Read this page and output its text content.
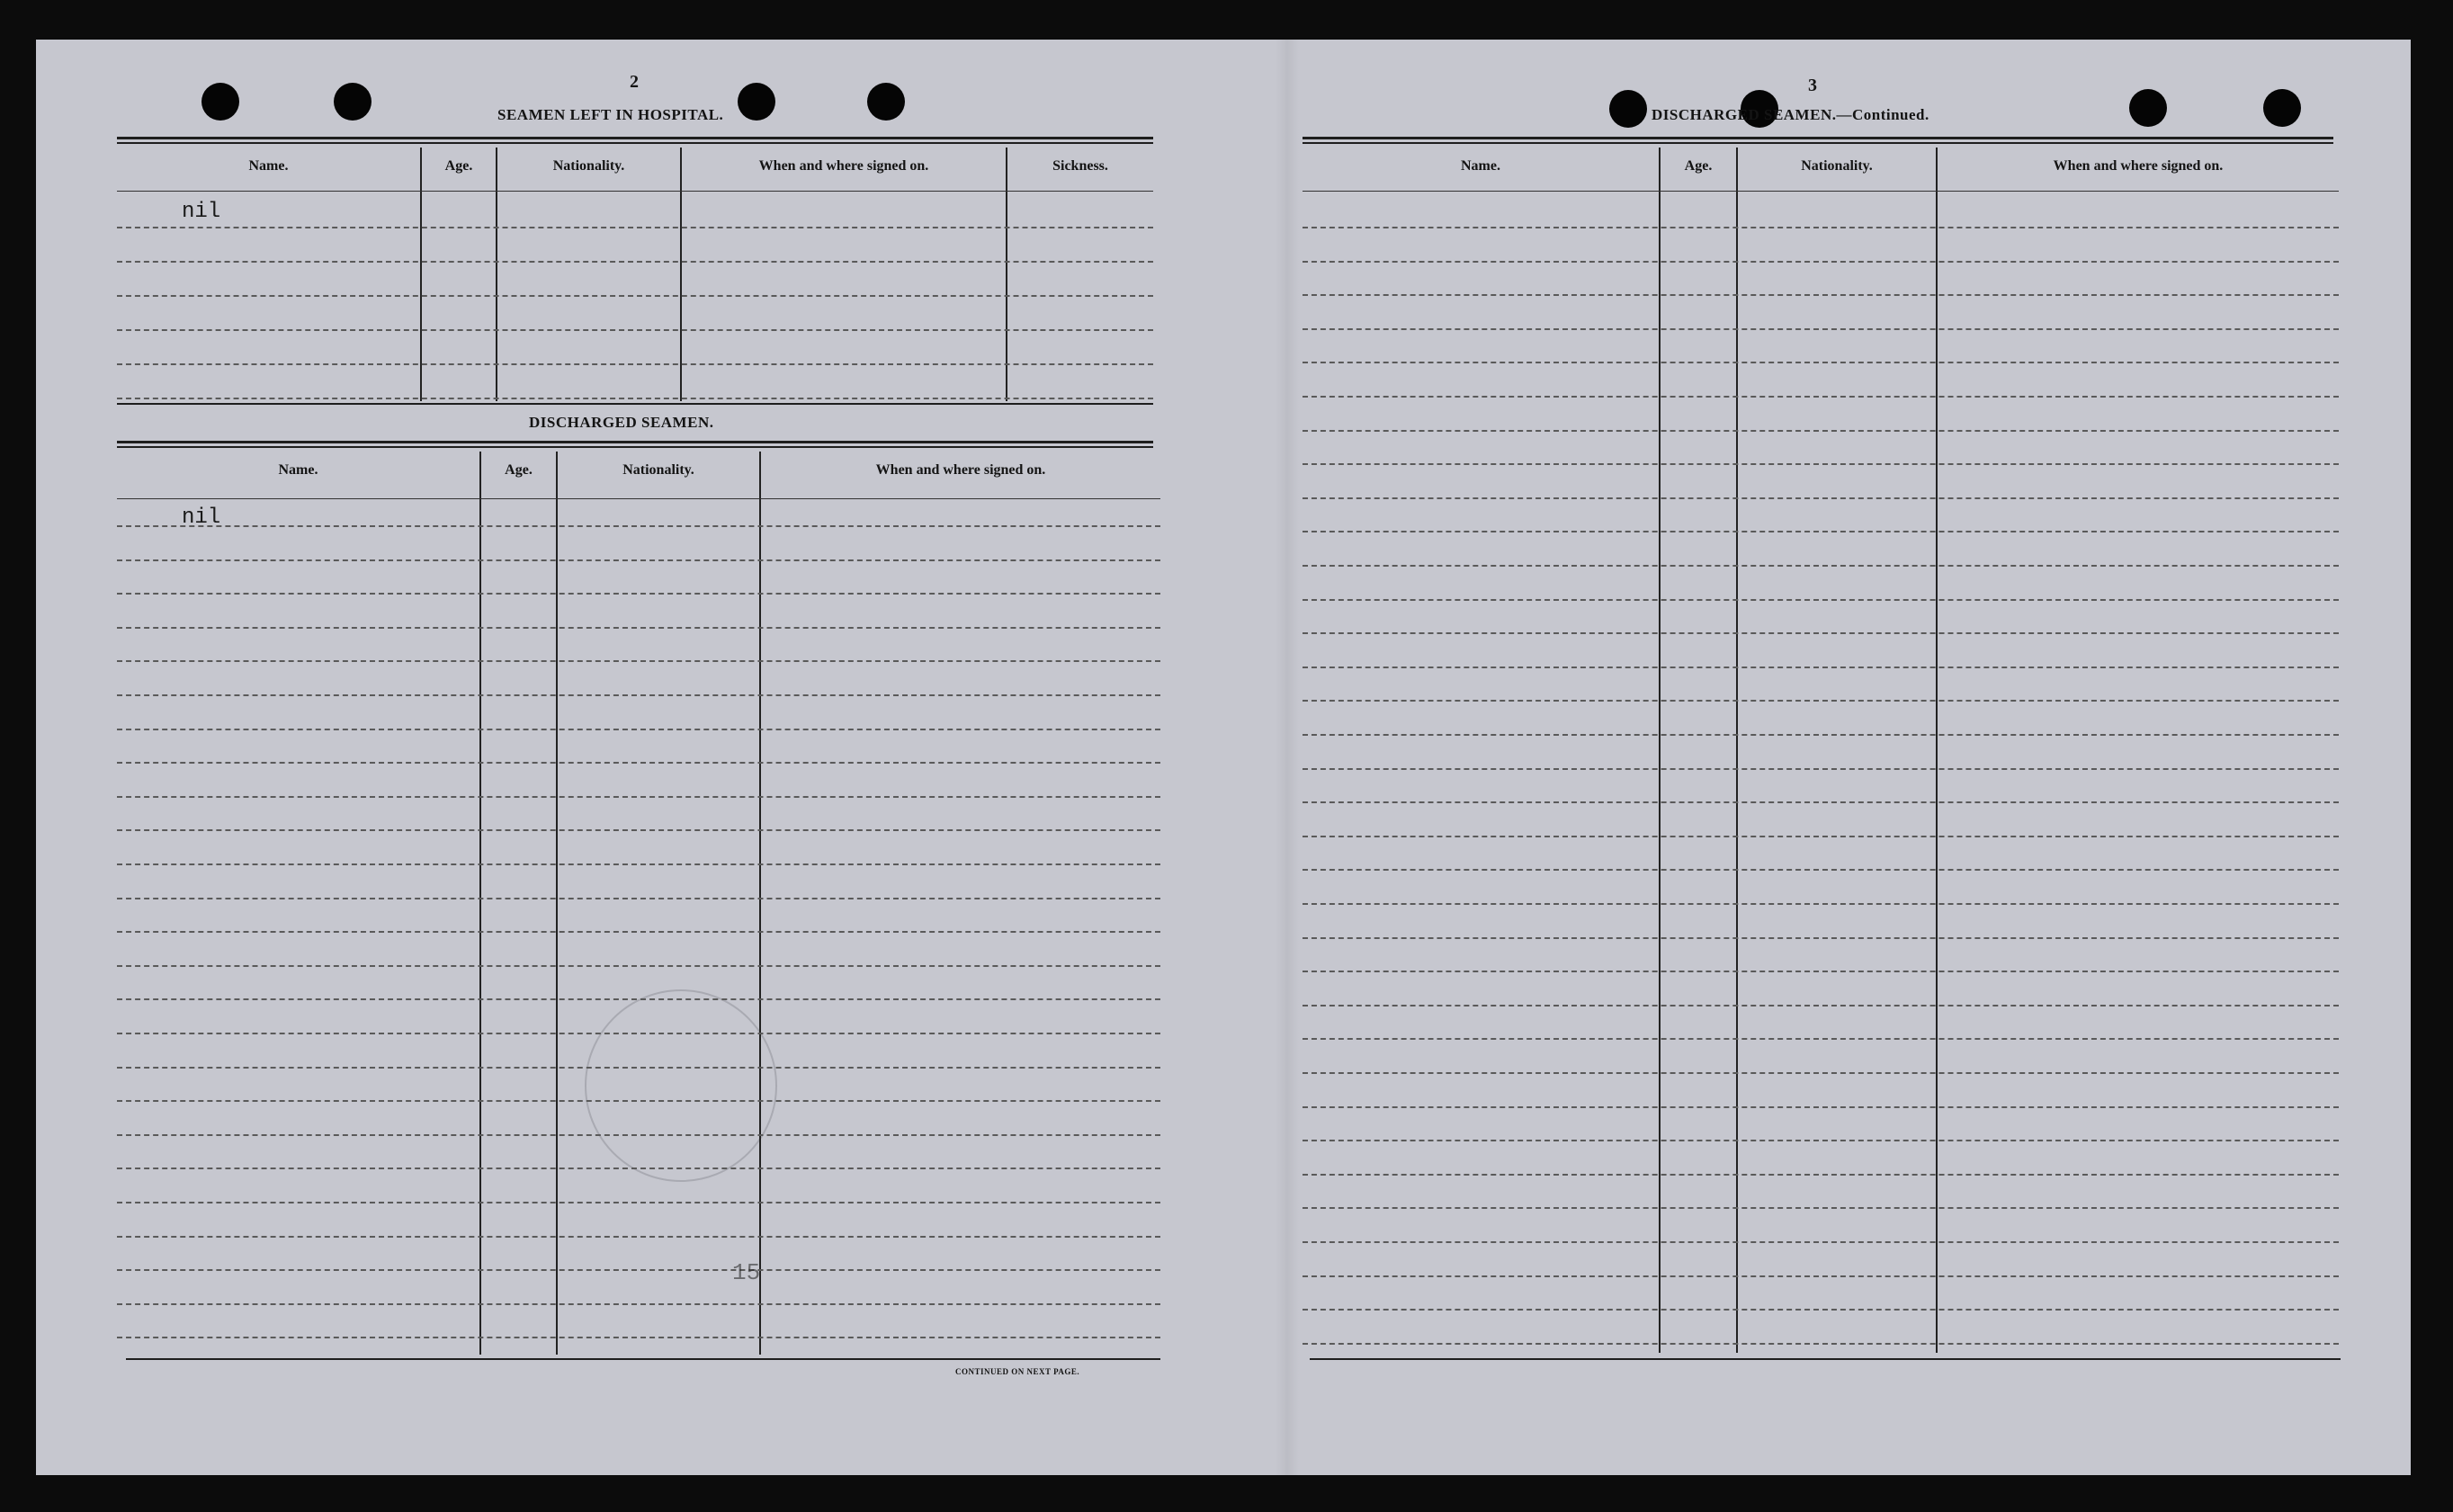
2
SEAMEN LEFT IN HOSPITAL.
Name.	Age.	Nationality.	When and where signed on.	Sickness.
nil
DISCHARGED SEAMEN.
Name.	Age.	Nationality.	When and where signed on.
nil
CONTINUED ON NEXT PAGE.
15
3
DISCHARGED SEAMEN.—Continued.
Name.	Age.	Nationality.	When and where signed on.
